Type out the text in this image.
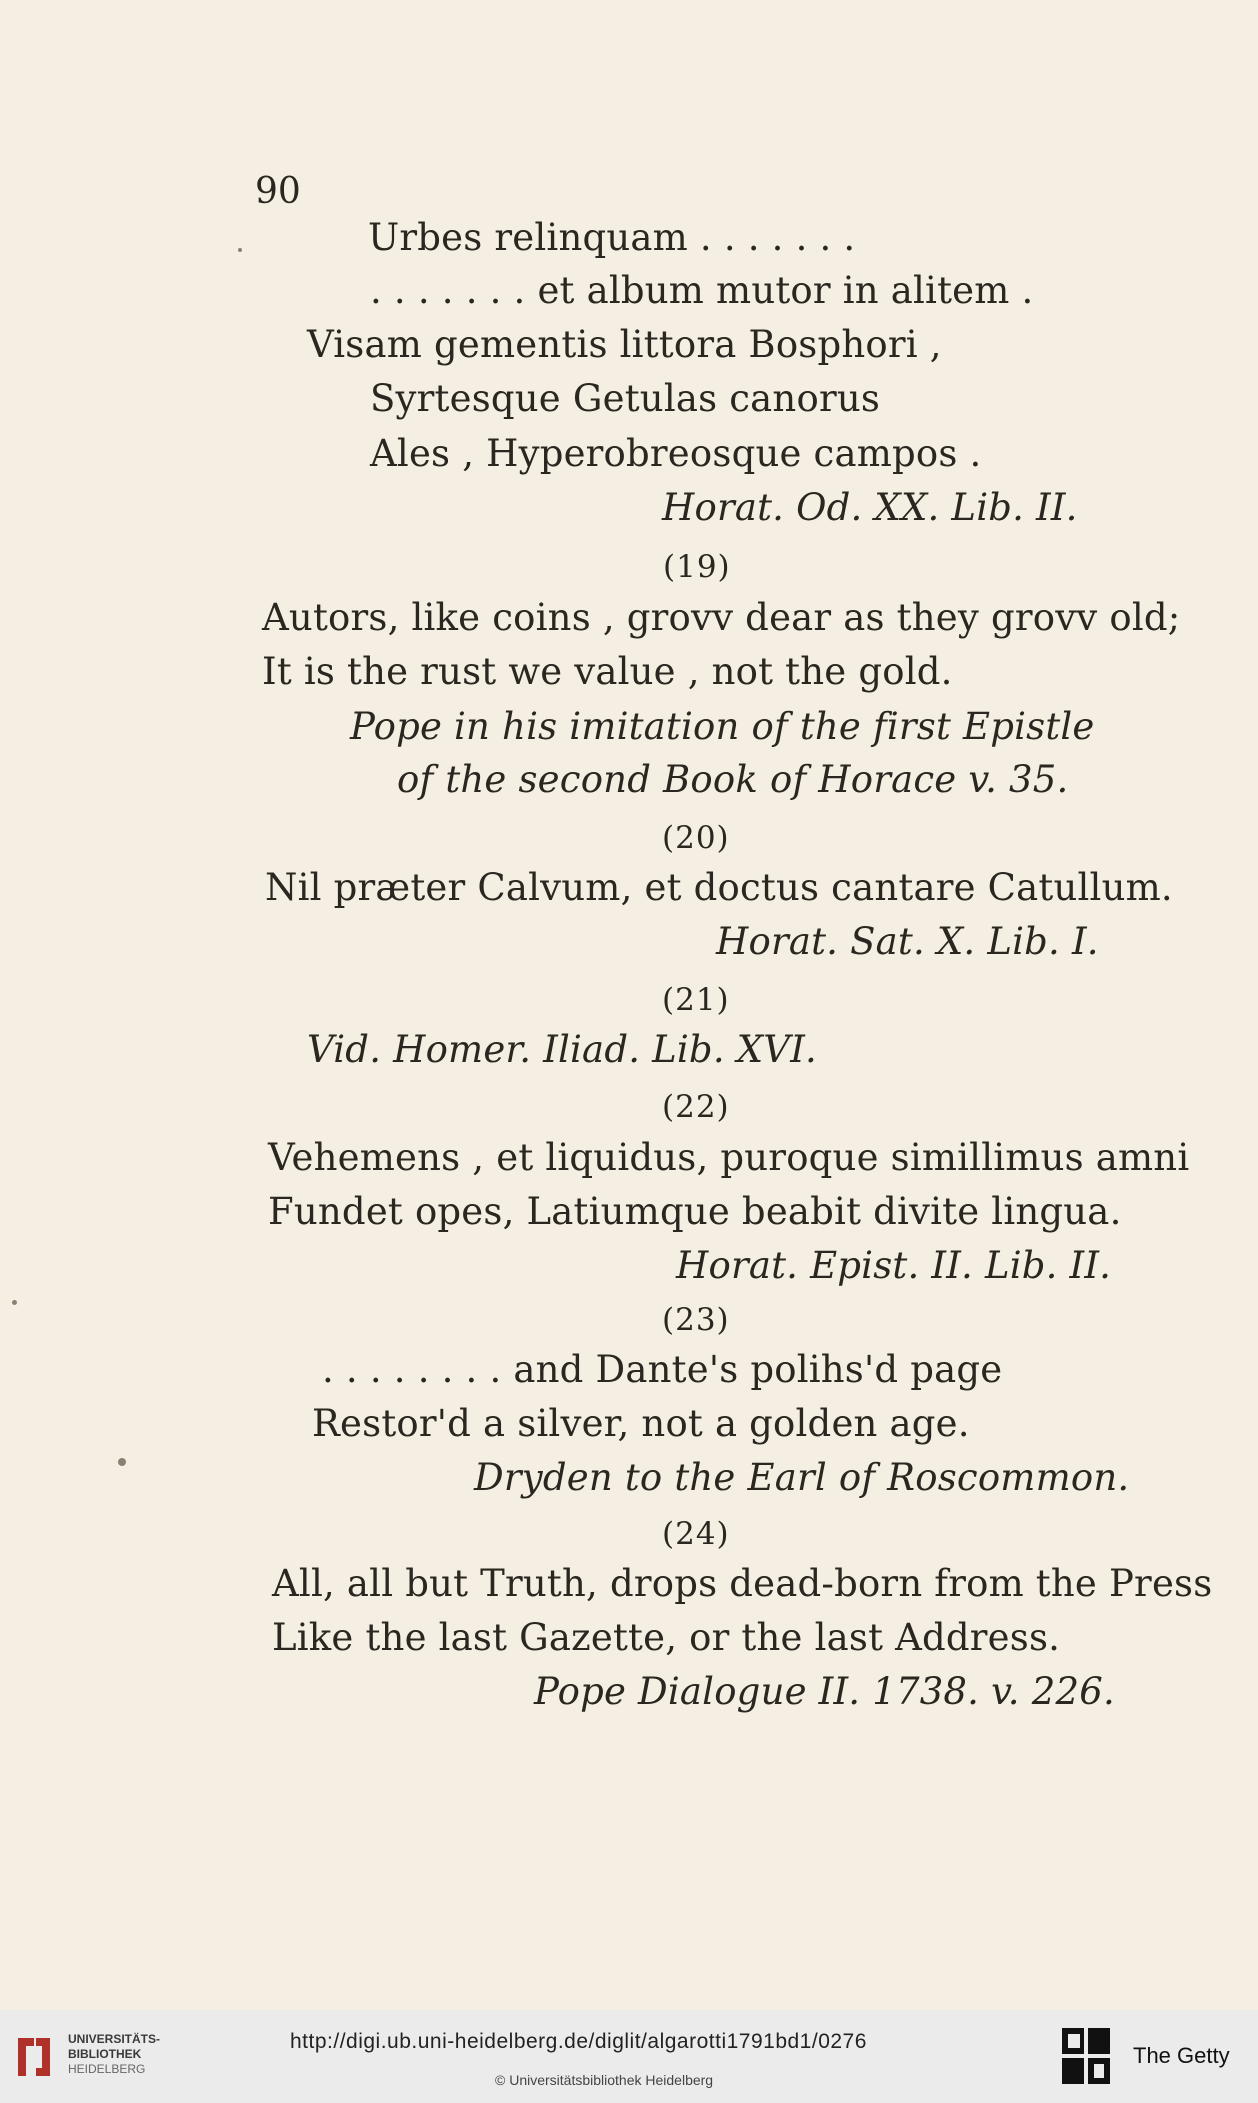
90
Urbes relinquam . . . . . . .
. . . . . . . et album mutor in alitem .
Visam gementis littora Bosphori ,
Syrtesque Getulas canorus
Ales , Hyperobreosque campos .
Horat. Od. XX. Lib. II.
(19)
Autors, like coins , grovv dear as they grovv old;
It is the rust we value , not the gold.
Pope in his imitation of the first Epistle
of the second Book of Horace v. 35.
(20)
Nil præter Calvum, et doctus cantare Catullum.
Horat. Sat. X. Lib. I.
(21)
Vid. Homer. Iliad. Lib. XVI.
(22)
Vehemens , et liquidus, puroque simillimus amni
Fundet opes, Latiumque beabit divite lingua.
Horat. Epist. II. Lib. II.
(23)
. . . . . . . . and Dante's polihs'd page
Restor'd a silver, not a golden age.
Dryden to the Earl of Roscommon.
(24)
All, all but Truth, drops dead-born from the Press
Like the last Gazette, or the last Address.
Pope Dialogue II. 1738. v. 226.
UNIVERSITÄTS-
BIBLIOTHEK
HEIDELBERG
http://digi.ub.uni-heidelberg.de/diglit/algarotti1791bd1/0276
© Universitätsbibliothek Heidelberg
The Getty
